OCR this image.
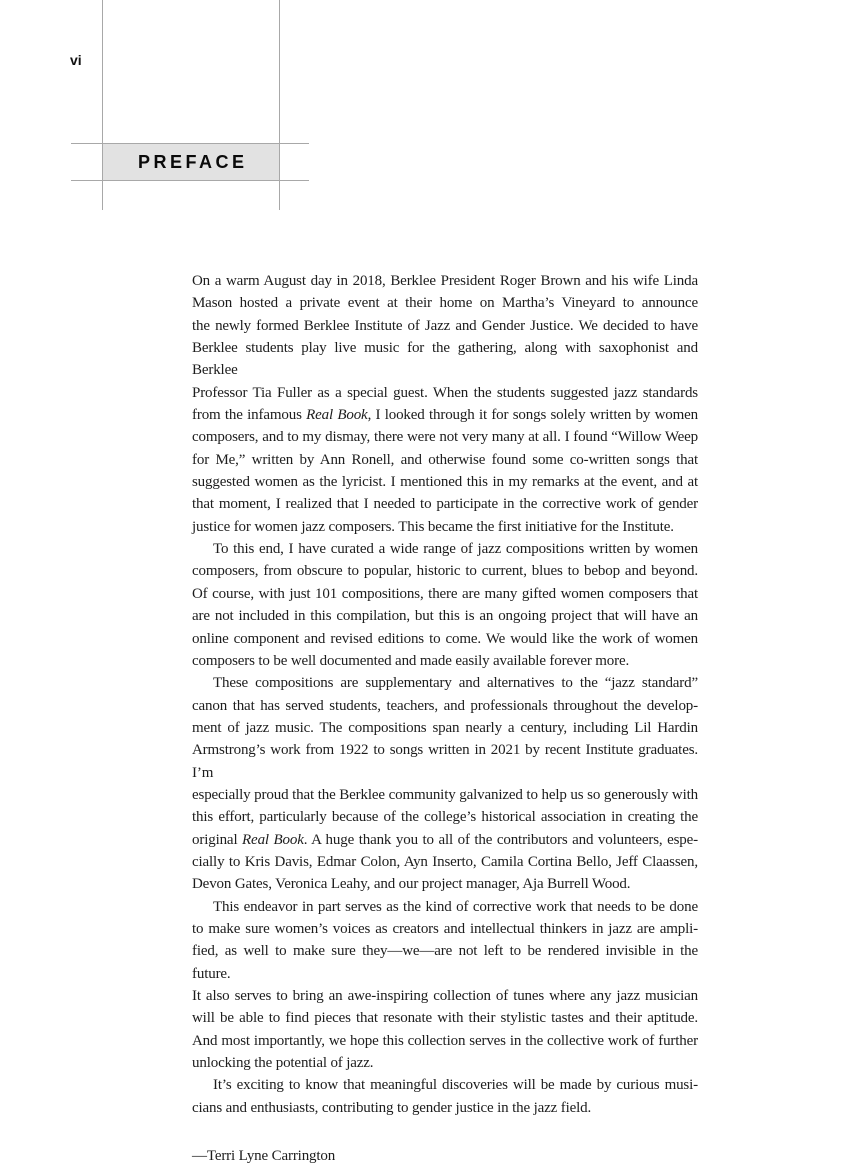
vi
PREFACE
On a warm August day in 2018, Berklee President Roger Brown and his wife Linda
Mason hosted a private event at their home on Martha’s Vineyard to announce
the newly formed Berklee Institute of Jazz and Gender Justice. We decided to have
Berklee students play live music for the gathering, along with saxophonist and Berklee
Professor Tia Fuller as a special guest. When the students suggested jazz standards
from the infamous Real Book, I looked through it for songs solely written by women
composers, and to my dismay, there were not very many at all. I found “Willow Weep
for Me,” written by Ann Ronell, and otherwise found some co-written songs that
suggested women as the lyricist. I mentioned this in my remarks at the event, and at
that moment, I realized that I needed to participate in the corrective work of gender
justice for women jazz composers. This became the first initiative for the Institute.
To this end, I have curated a wide range of jazz compositions written by women
composers, from obscure to popular, historic to current, blues to bebop and beyond.
Of course, with just 101 compositions, there are many gifted women composers that
are not included in this compilation, but this is an ongoing project that will have an
online component and revised editions to come. We would like the work of women
composers to be well documented and made easily available forever more.
These compositions are supplementary and alternatives to the “jazz standard”
canon that has served students, teachers, and professionals throughout the develop-
ment of jazz music. The compositions span nearly a century, including Lil Hardin
Armstrong’s work from 1922 to songs written in 2021 by recent Institute graduates. I’m
especially proud that the Berklee community galvanized to help us so generously with
this effort, particularly because of the college’s historical association in creating the
original Real Book. A huge thank you to all of the contributors and volunteers, espe-
cially to Kris Davis, Edmar Colon, Ayn Inserto, Camila Cortina Bello, Jeff Claassen,
Devon Gates, Veronica Leahy, and our project manager, Aja Burrell Wood.
This endeavor in part serves as the kind of corrective work that needs to be done
to make sure women’s voices as creators and intellectual thinkers in jazz are ampli-
fied, as well to make sure they—we—are not left to be rendered invisible in the future.
It also serves to bring an awe-inspiring collection of tunes where any jazz musician
will be able to find pieces that resonate with their stylistic tastes and their aptitude.
And most importantly, we hope this collection serves in the collective work of further
unlocking the potential of jazz.
It’s exciting to know that meaningful discoveries will be made by curious musi-
cians and enthusiasts, contributing to gender justice in the jazz field.
—Terri Lyne Carrington
